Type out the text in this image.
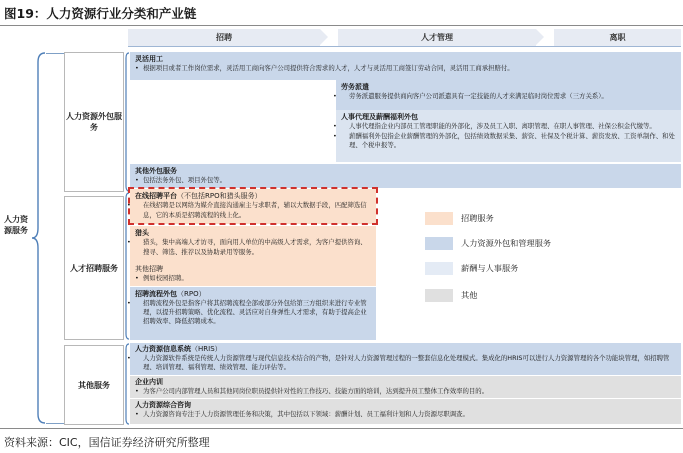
图19：人力资源行业分类和产业链
招聘	人才管理	离职
人力资源服务
人力资源外包服务
人才招聘服务
其他服务
灵活用工
• 根据项目或者工作岗位需求，灵活用工商向客户公司提供符合需求的人才，人才与灵活用工商签订劳动合同，灵活用工商承担赔付。
劳务派遣
• 劳务派遣服务提供商向客户公司派遣具有一定技能的人才来满足临时岗位需求（三方关系）。
人事代理及薪酬福利外包
• 人事代理指企业内部员工管理职能的外部化，涉及员工入职、离职管理、在职人事管理、社保公积金代缴等。
• 薪酬福利外包指企业薪酬管理的外部化，包括绩效数据采集、薪资、社保及个税计算、薪资发放、工资单制作、和处理、个税申报等。
其他外包服务
• 包括法务外包、项目外包等。
在线招聘平台（不包括RPO和猎头服务）
• 在线招聘是以网络为媒介直接沟通雇主与求职者，辅以大数据手段，匹配筛选信息，它的本质是招聘流程的线上化。
猎头
• 猎头，集中高端人才访寻，面向用人单位的中高级人才需求，为客户提供咨询、搜寻、筛选、推荐以及协助录用等服务。
其他招聘
• 例如校园招聘。
招聘流程外包（RPO）
• 招聘流程外包是指客户将其招聘流程全部或部分外包给第三方组织来进行专业管理，以提升招聘策略、优化流程、灵活应对自身弹性人才需求，有助于提高企业招聘效率、降低招聘成本。
招聘服务
人力资源外包和管理服务
薪酬与人事服务
其他
人力资源信息系统（HRIS）
• 人力资源软件系统是传统人力资源管理与现代信息技术结合的产物，是针对人力资源管理过程的一整套信息化处理模式。集成化的HRIS可以进行人力资源管理的各个功能块管理，如招聘管理、培训管理、福利管理、绩效管理、能力评估等。
企业内训
• 为客户公司内部管理人员和其他同岗位职员提供针对性的工作技巧、技能方面的培训，达到提升员工整体工作效率的目的。
人力资源综合咨询
• 人力资源咨询专注于人力资源管理任务和决策，其中包括以下领域：薪酬计划、员工福利计划和人力资源尽职调查。
资料来源：CIC，国信证券经济研究所整理
